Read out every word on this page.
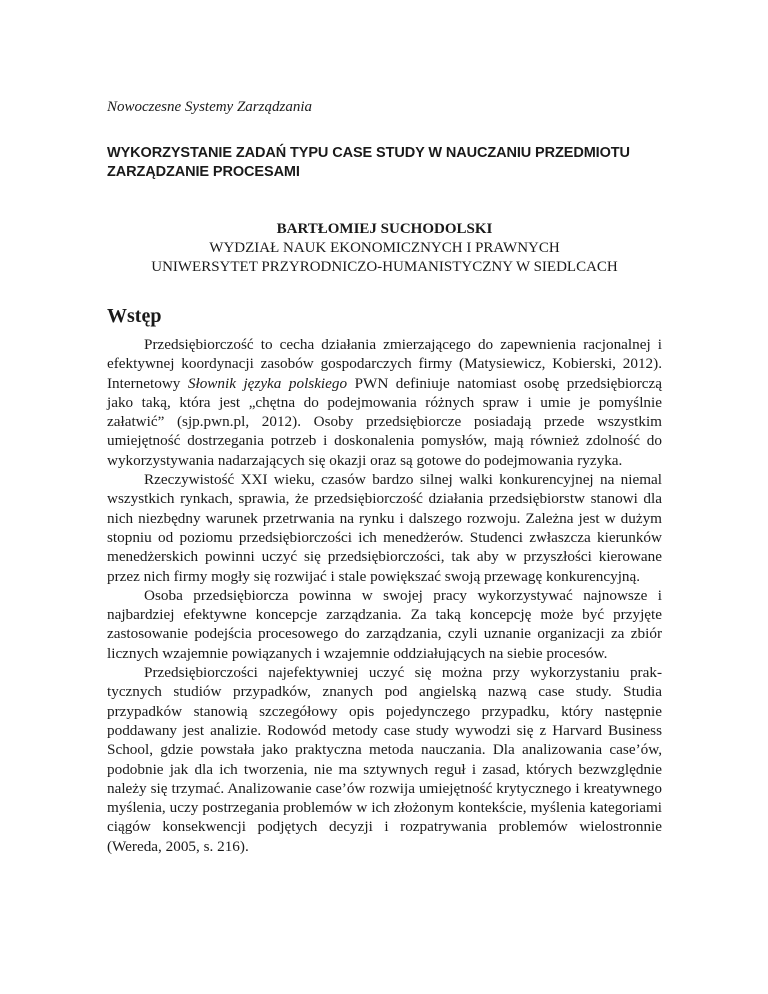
Nowoczesne Systemy Zarządzania
WYKORZYSTANIE ZADAŃ TYPU CASE STUDY W NAUCZANIU PRZEDMIOTU ZARZĄDZANIE PROCESAMI
BARTŁOMIEJ SUCHODOLSKI
WYDZIAŁ NAUK EKONOMICZNYCH I PRAWNYCH
UNIWERSYTET PRZYRODNICZO-HUMANISTYCZNY W SIEDLCACH
Wstęp

Przedsiębiorczość to cecha działania zmierzającego do zapewnienia racjonalnej i efektywnej koordynacji zasobów gospodarczych firmy (Matysiewicz, Kobierski, 2012). Internetowy Słownik języka polskiego PWN definiuje natomiast osobę przedsiębiorczą jako taką, która jest „chętna do podejmowania różnych spraw i umie je pomyślnie załatwić” (sjp.pwn.pl, 2012). Osoby przedsiębiorcze posiadają przede wszystkim umiejętność dostrzegania potrzeb i doskonalenia pomysłów, mają również zdolność do wykorzystywania nadarzających się okazji oraz są gotowe do podejmowania ryzyka.

Rzeczywistość XXI wieku, czasów bardzo silnej walki konkurencyjnej na niemal wszystkich rynkach, sprawia, że przedsiębiorczość działania przedsiębiorstw stanowi dla nich niezbędny warunek przetrwania na rynku i dalszego rozwoju. Zależna jest w dużym stopniu od poziomu przedsiębiorczości ich menedżerów. Studenci zwłaszcza kierunków menedżerskich powinni uczyć się przedsiębiorczości, tak aby w przyszłości kierowane przez nich firmy mogły się rozwijać i stale powiększać swoją przewagę konkurencyjną.

Osoba przedsiębiorcza powinna w swojej pracy wykorzystywać najnowsze i najbardziej efektywne koncepcje zarządzania. Za taką koncepcję może być przyjęte zastosowanie podejścia procesowego do zarządzania, czyli uznanie organizacji za zbiór licznych wzajemnie powiązanych i wzajemnie oddziałujących na siebie procesów.

Przedsiębiorczości najefektywniej uczyć się można przy wykorzystaniu praktycznych studiów przypadków, znanych pod angielską nazwą case study. Studia przypadków stanowią szczegółowy opis pojedynczego przypadku, który następnie poddawany jest analizie. Rodowód metody case study wywodzi się z Harvard Business School, gdzie powstała jako praktyczna metoda nauczania. Dla analizowania case’ów, podobnie jak dla ich tworzenia, nie ma sztywnych reguł i zasad, których bezwzględnie należy się trzymać. Analizowanie case’ów rozwija umiejętność krytycznego i kreatywnego myślenia, uczy postrzegania problemów w ich złożonym kontekście, myślenia kategoriami ciągów konsekwencji podjętych decyzji i rozpatrywania problemów wielostronnie (Wereda, 2005, s. 216).
